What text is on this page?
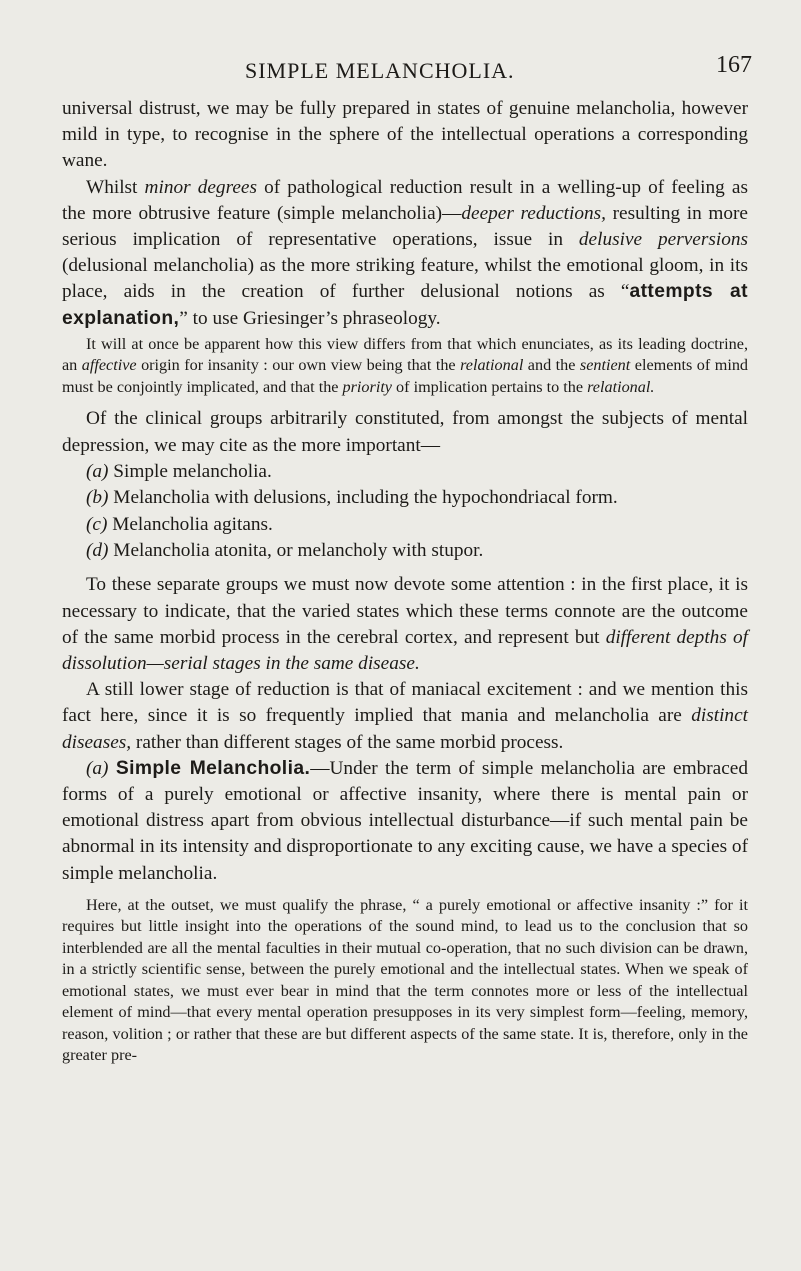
SIMPLE MELANCHOLIA.	167

universal distrust, we may be fully prepared in states of genuine melancholia, however mild in type, to recognise in the sphere of the intellectual operations a corresponding wane.

Whilst minor degrees of pathological reduction result in a welling-up of feeling as the more obtrusive feature (simple melancholia)—deeper reductions, resulting in more serious implication of representative operations, issue in delusive perversions (delusional melancholia) as the more striking feature, whilst the emotional gloom, in its place, aids in the creation of further delusional notions as “attempts at explanation,” to use Griesinger’s phraseology.

It will at once be apparent how this view differs from that which enunciates, as its leading doctrine, an affective origin for insanity : our own view being that the relational and the sentient elements of mind must be conjointly implicated, and that the priority of implication pertains to the relational.

Of the clinical groups arbitrarily constituted, from amongst the subjects of mental depression, we may cite as the more important—

(a) Simple melancholia.
(b) Melancholia with delusions, including the hypochondriacal form.
(c) Melancholia agitans.
(d) Melancholia atonita, or melancholy with stupor.

To these separate groups we must now devote some attention : in the first place, it is necessary to indicate, that the varied states which these terms connote are the outcome of the same morbid process in the cerebral cortex, and represent but different depths of dissolution—serial stages in the same disease.

A still lower stage of reduction is that of maniacal excitement : and we mention this fact here, since it is so frequently implied that mania and melancholia are distinct diseases, rather than different stages of the same morbid process.

(a) Simple Melancholia.—Under the term of simple melancholia are embraced forms of a purely emotional or affective insanity, where there is mental pain or emotional distress apart from obvious intellectual disturbance—if such mental pain be abnormal in its intensity and disproportionate to any exciting cause, we have a species of simple melancholia.

Here, at the outset, we must qualify the phrase, “ a purely emotional or affective insanity :” for it requires but little insight into the operations of the sound mind, to lead us to the conclusion that so interblended are all the mental faculties in their mutual co-operation, that no such division can be drawn, in a strictly scientific sense, between the purely emotional and the intellectual states. When we speak of emotional states, we must ever bear in mind that the term connotes more or less of the intellectual element of mind—that every mental operation presupposes in its very simplest form—feeling, memory, reason, volition ; or rather that these are but different aspects of the same state. It is, therefore, only in the greater pre-
